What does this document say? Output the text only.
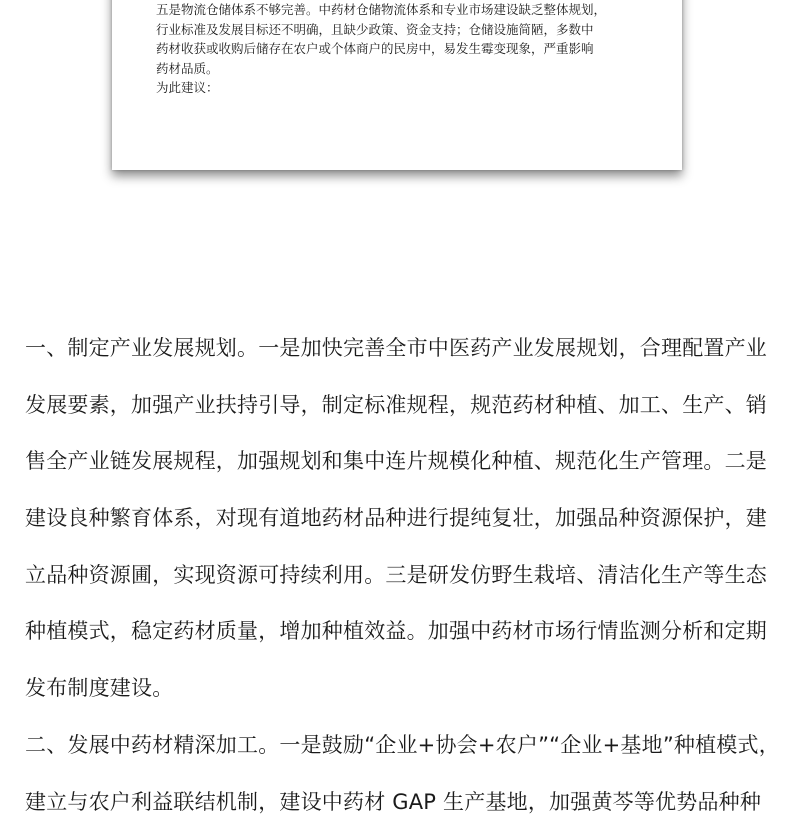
五是物流仓储体系不够完善。中药材仓储物流体系和专业市场建设缺乏整体规划，
行业标准及发展目标还不明确，且缺少政策、资金支持；仓储设施简陋，多数中
药材收获或收购后储存在农户或个体商户的民房中，易发生霉变现象，严重影响
药材品质。
为此建议：
一、制定产业发展规划。一是加快完善全市中医药产业发展规划，合理配置产业
发展要素，加强产业扶持引导，制定标准规程，规范药材种植、加工、生产、销
售全产业链发展规程，加强规划和集中连片规模化种植、规范化生产管理。二是
建设良种繁育体系，对现有道地药材品种进行提纯复壮，加强品种资源保护，建
立品种资源圃，实现资源可持续利用。三是研发仿野生栽培、清洁化生产等生态
种植模式，稳定药材质量，增加种植效益。加强中药材市场行情监测分析和定期
发布制度建设。
二、发展中药材精深加工。一是鼓励“企业+协会+农户”“企业+基地”种植模式，
建立与农户利益联结机制，建设中药材 GAP 生产基地，加强黄芩等优势品种种
